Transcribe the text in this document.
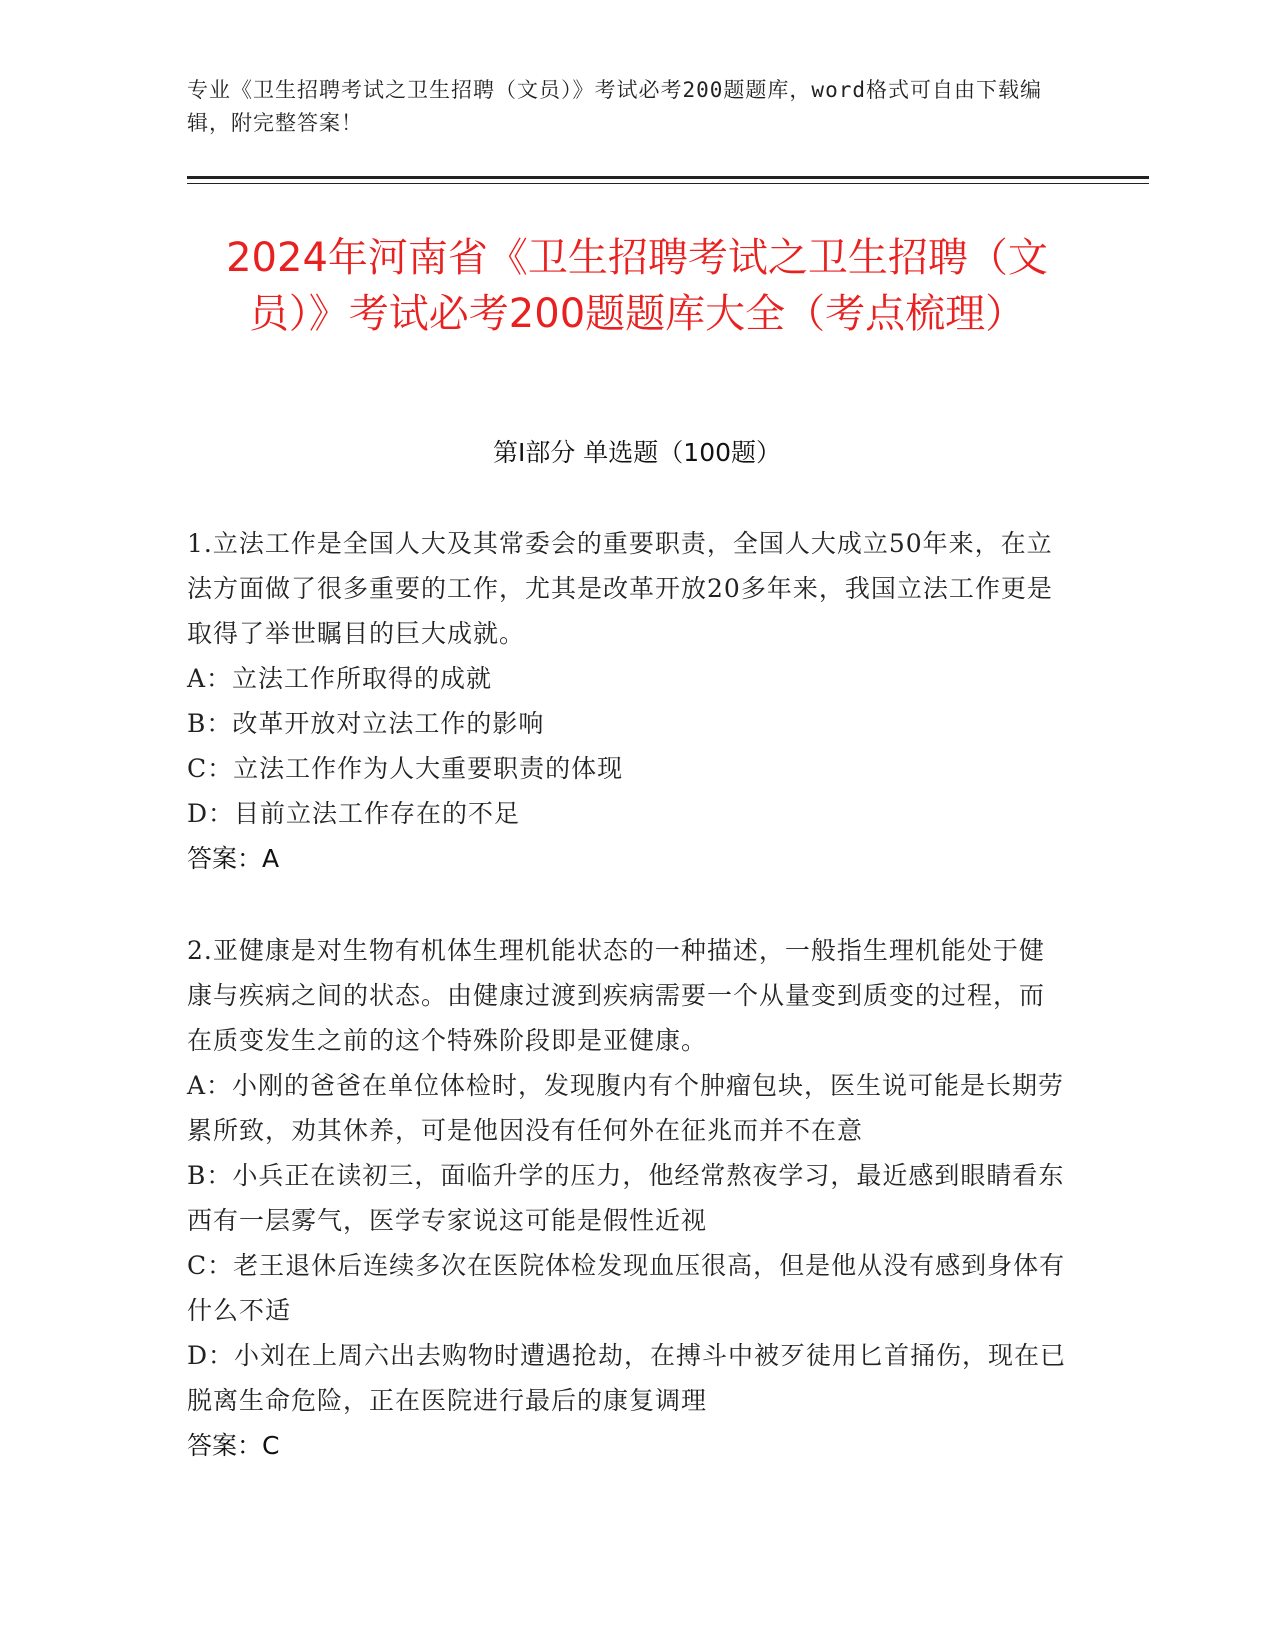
专业《卫生招聘考试之卫生招聘（文员）》考试必考200题题库，word格式可自由下载编辑，附完整答案！
2024年河南省《卫生招聘考试之卫生招聘（文员）》考试必考200题题库大全（考点梳理）
第Ⅰ部分 单选题（100题）

1.立法工作是全国人大及其常委会的重要职责，全国人大成立50年来，在立法方面做了很多重要的工作，尤其是改革开放20多年来，我国立法工作更是取得了举世瞩目的巨大成就。

A：立法工作所取得的成就

B：改革开放对立法工作的影响

C：立法工作作为人大重要职责的体现

D：目前立法工作存在的不足

答案：A

2.亚健康是对生物有机体生理机能状态的一种描述，一般指生理机能处于健康与疾病之间的状态。由健康过渡到疾病需要一个从量变到质变的过程，而在质变发生之前的这个特殊阶段即是亚健康。

A：小刚的爸爸在单位体检时，发现腹内有个肿瘤包块，医生说可能是长期劳累所致，劝其休养，可是他因没有任何外在征兆而并不在意

B：小兵正在读初三，面临升学的压力，他经常熬夜学习，最近感到眼睛看东西有一层雾气，医学专家说这可能是假性近视

C：老王退休后连续多次在医院体检发现血压很高，但是他从没有感到身体有什么不适

D：小刘在上周六出去购物时遭遇抢劫，在搏斗中被歹徒用匕首捅伤，现在已脱离生命危险，正在医院进行最后的康复调理

答案：C
